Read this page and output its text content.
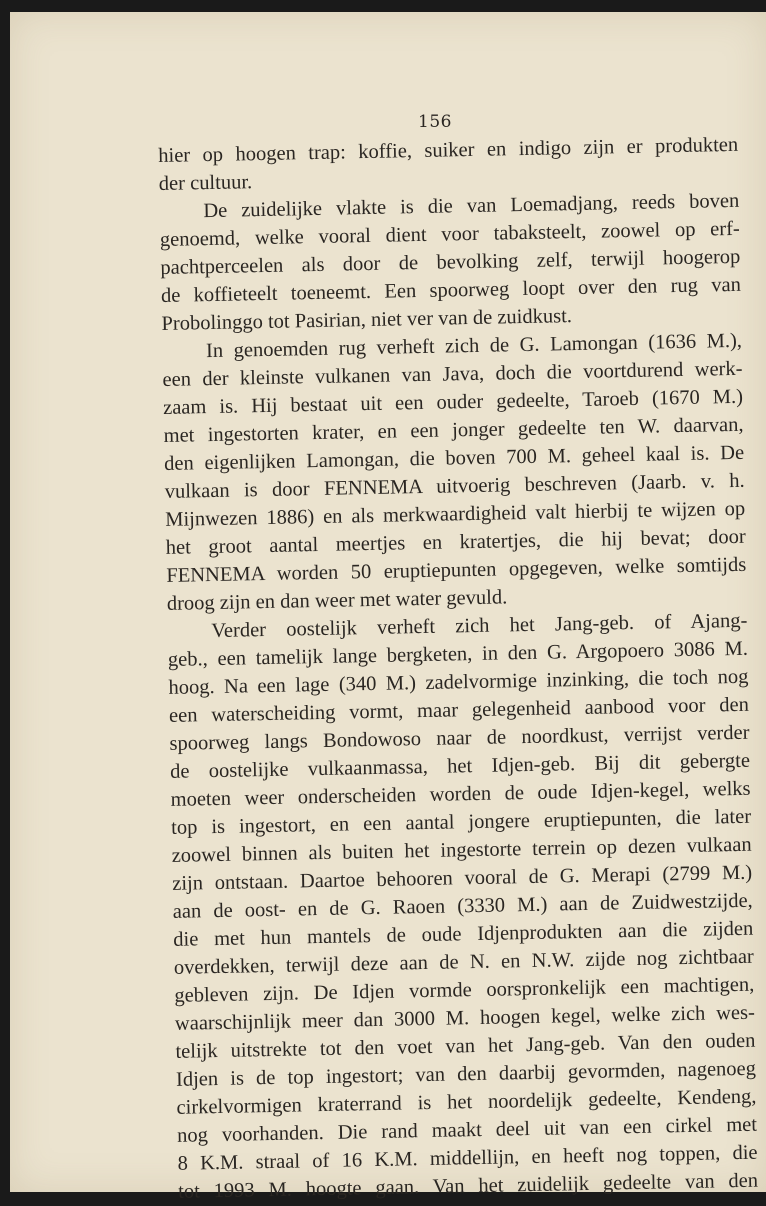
156
hier op hoogen trap: koffie, suiker en indigo zijn er produkten
der cultuur.
De zuidelijke vlakte is die van Loemadjang, reeds boven
genoemd, welke vooral dient voor tabaksteelt, zoowel op erf-
pachtperceelen als door de bevolking zelf, terwijl hoogerop
de koffieteelt toeneemt. Een spoorweg loopt over den rug van
Probolinggo tot Pasirian, niet ver van de zuidkust.
In genoemden rug verheft zich de G. Lamongan (1636 M.),
een der kleinste vulkanen van Java, doch die voortdurend werk-
zaam is. Hij bestaat uit een ouder gedeelte, Taroeb (1670 M.)
met ingestorten krater, en een jonger gedeelte ten W. daarvan,
den eigenlijken Lamongan, die boven 700 M. geheel kaal is. De
vulkaan is door FENNEMA uitvoerig beschreven (Jaarb. v. h.
Mijnwezen 1886) en als merkwaardigheid valt hierbij te wijzen op
het groot aantal meertjes en kratertjes, die hij bevat; door
FENNEMA worden 50 eruptiepunten opgegeven, welke somtijds
droog zijn en dan weer met water gevuld.
Verder oostelijk verheft zich het Jang-geb. of Ajang-
geb., een tamelijk lange bergketen, in den G. Argopoero 3086 M.
hoog. Na een lage (340 M.) zadelvormige inzinking, die toch nog
een waterscheiding vormt, maar gelegenheid aanbood voor den
spoorweg langs Bondowoso naar de noordkust, verrijst verder
de oostelijke vulkaanmassa, het Idjen-geb. Bij dit gebergte
moeten weer onderscheiden worden de oude Idjen-kegel, welks
top is ingestort, en een aantal jongere eruptiepunten, die later
zoowel binnen als buiten het ingestorte terrein op dezen vulkaan
zijn ontstaan. Daartoe behooren vooral de G. Merapi (2799 M.)
aan de oost- en de G. Raoen (3330 M.) aan de Zuidwestzijde,
die met hun mantels de oude Idjenprodukten aan die zijden
overdekken, terwijl deze aan de N. en N.W. zijde nog zichtbaar
gebleven zijn. De Idjen vormde oorspronkelijk een machtigen,
waarschijnlijk meer dan 3000 M. hoogen kegel, welke zich wes-
telijk uitstrekte tot den voet van het Jang-geb. Van den ouden
Idjen is de top ingestort; van den daarbij gevormden, nagenoeg
cirkelvormigen kraterrand is het noordelijk gedeelte, Kendeng,
nog voorhanden. Die rand maakt deel uit van een cirkel met
8 K.M. straal of 16 K.M. middellijn, en heeft nog toppen, die
tot 1993 M. hoogte gaan. Van het zuidelijk gedeelte van den
